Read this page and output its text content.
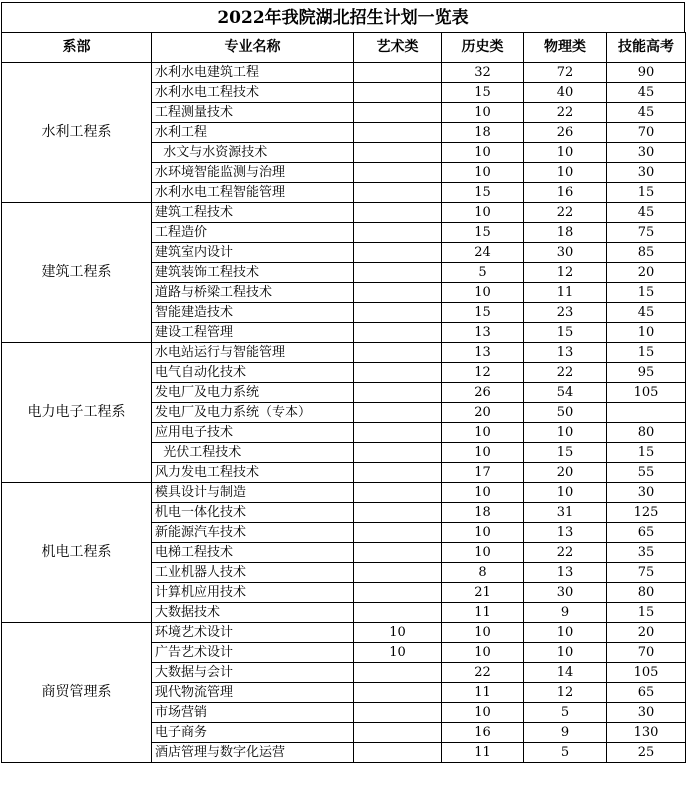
2022年我院湖北招生计划一览表
系部	专业名称	艺术类	历史类	物理类	技能高考
水利工程系	水利水电建筑工程		32	72	90
	水利水电工程技术		15	40	45
	工程测量技术		10	22	45
	水利工程		18	26	70
	水文与水资源技术		10	10	30
	水环境智能监测与治理		10	10	30
	水利水电工程智能管理		15	16	15
建筑工程系	建筑工程技术		10	22	45
	工程造价		15	18	75
	建筑室内设计		24	30	85
	建筑装饰工程技术		5	12	20
	道路与桥梁工程技术		10	11	15
	智能建造技术		15	23	45
	建设工程管理		13	15	10
电力电子工程系	水电站运行与智能管理		13	13	15
	电气自动化技术		12	22	95
	发电厂及电力系统		26	54	105
	发电厂及电力系统（专本）		20	50	
	应用电子技术		10	10	80
	光伏工程技术		10	15	15
	风力发电工程技术		17	20	55
机电工程系	模具设计与制造		10	10	30
	机电一体化技术		18	31	125
	新能源汽车技术		10	13	65
	电梯工程技术		10	22	35
	工业机器人技术		8	13	75
	计算机应用技术		21	30	80
	大数据技术		11	9	15
商贸管理系	环境艺术设计	10	10	10	20
	广告艺术设计	10	10	10	70
	大数据与会计		22	14	105
	现代物流管理		11	12	65
	市场营销		10	5	30
	电子商务		16	9	130
	酒店管理与数字化运营		11	5	25
